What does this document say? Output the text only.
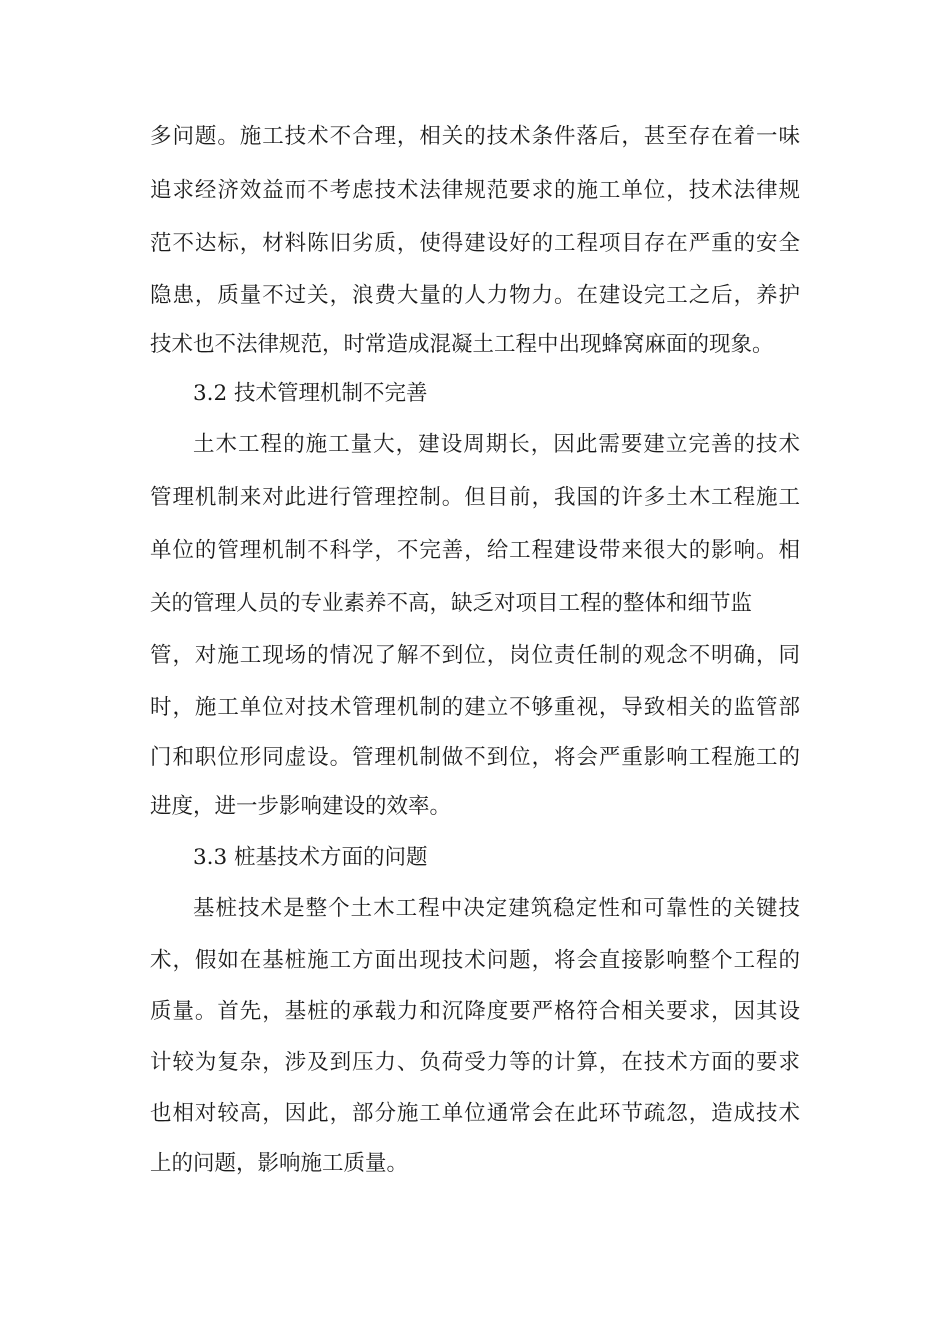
多问题。施工技术不合理，相关的技术条件落后，甚至存在着一味
追求经济效益而不考虑技术法律规范要求的施工单位，技术法律规
范不达标，材料陈旧劣质，使得建设好的工程项目存在严重的安全
隐患，质量不过关，浪费大量的人力物力。在建设完工之后，养护
技术也不法律规范，时常造成混凝土工程中出现蜂窝麻面的现象。
3.2 技术管理机制不完善
土木工程的施工量大，建设周期长，因此需要建立完善的技术
管理机制来对此进行管理控制。但目前，我国的许多土木工程施工
单位的管理机制不科学，不完善，给工程建设带来很大的影响。相
关的管理人员的专业素养不高，缺乏对项目工程的整体和细节监
管，对施工现场的情况了解不到位，岗位责任制的观念不明确，同
时，施工单位对技术管理机制的建立不够重视，导致相关的监管部
门和职位形同虚设。管理机制做不到位，将会严重影响工程施工的
进度，进一步影响建设的效率。
3.3 桩基技术方面的问题
基桩技术是整个土木工程中决定建筑稳定性和可靠性的关键技
术，假如在基桩施工方面出现技术问题，将会直接影响整个工程的
质量。首先，基桩的承载力和沉降度要严格符合相关要求，因其设
计较为复杂，涉及到压力、负荷受力等的计算，在技术方面的要求
也相对较高，因此，部分施工单位通常会在此环节疏忽，造成技术
上的问题，影响施工质量。
